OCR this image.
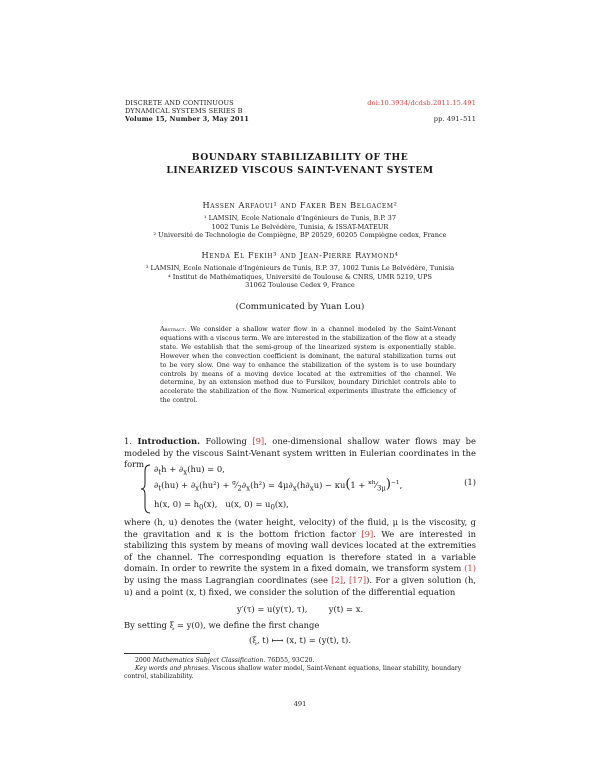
DISCRETE AND CONTINUOUS
DYNAMICAL SYSTEMS SERIES B
Volume 15, Number 3, May 2011
doi:10.3934/dcdsb.2011.15.491
pp. 491–511
BOUNDARY STABILIZABILITY OF THE
LINEARIZED VISCOUS SAINT-VENANT SYSTEM
Hassen Arfaoui¹ and Faker Ben Belgacem²
¹ LAMSIN, Ecole Nationale d'Ingénieurs de Tunis, B.P. 37
1002 Tunis Le Belvédère, Tunisia, & ISSAT-MATEUR
² Université de Technologie de Compiègne, BP 20529, 60205 Compiègne cedex, France
Henda El Fekih³ and Jean-Pierre Raymond⁴
³ LAMSIN, Ecole Nationale d'Ingénieurs de Tunis, B.P. 37, 1002 Tunis Le Belvédère, Tunisia
⁴ Institut de Mathématiques, Université de Toulouse & CNRS, UMR 5219, UPS
31062 Toulouse Cedex 9, France
(Communicated by Yuan Lou)
Abstract. We consider a shallow water flow in a channel modeled by the Saint-Venant equations with a viscous term. We are interested in the stabilization of the flow at a steady state. We establish that the semi-group of the linearized system is exponentially stable. However when the convection coefficient is dominant, the natural stabilization turns out to be very slow. One way to enhance the stabilization of the system is to use boundary controls by means of a moving device located at the extremities of the channel. We determine, by an extension method due to Fursikov, boundary Dirichlet controls able to accelerate the stabilization of the flow. Numerical experiments illustrate the efficiency of the control.
1. Introduction. Following [9], one-dimensional shallow water flows may be modeled by the viscous Saint-Venant system written in Eulerian coordinates in the form	$\partial_th + \partial_x(hu) = 0$,
$\partial_t(hu) + \partial_x(hu^2)$ + $^g⁄_2\partial_x(h^2) = 4\mu\partial_x(h\partial_xu) - \kappa u(1$ + $^{\kappa h}⁄_{3\mu})^{-1}$,
h(x, $0) = h_0(x)$,   u(x, $0) = u_0(x)$,
(1)
where (h, u) denotes the (water height, velocity) of the fluid, μ is the viscosity, g the gravitation and κ is the bottom friction factor [9]. We are interested in stabilizing this system by means of moving wall devices located at the extremities of the channel. The corresponding equation is therefore stated in a variable domain. In order to rewrite the system in a fixed domain, we transform system (1) by using the mass Lagrangian coordinates (see [2], [17]). For a given solution (h, u) and a point (x, t) fixed, we consider the solution of the differential equation
y′(τ) = u(y(τ), τ),        y(t) = x.
By setting ξ = y(0), we define the first change
(ξ, t) ⟼ (x, t) = (y(t), t).
2000 Mathematics Subject Classification. 76D55, 93C20.
Key words and phrases. Viscous shallow water model, Saint-Venant equations, linear stability, boundary control, stabilizability.
491
